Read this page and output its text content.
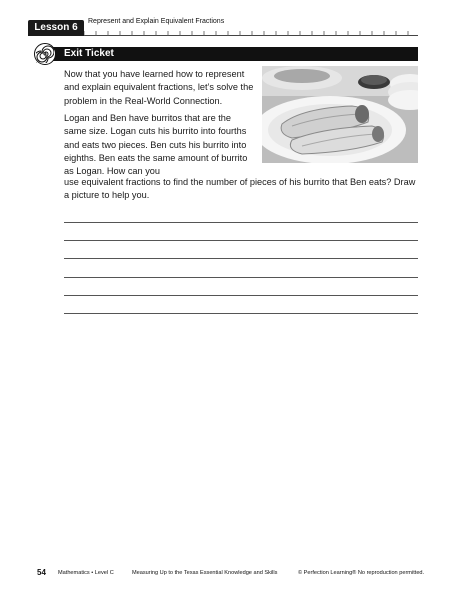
Lesson 6
Represent and Explain Equivalent Fractions
Exit Ticket

Now that you have learned how to represent and explain equivalent fractions, let’s solve the problem in the Real-World Connection.

Logan and Ben have burritos that are the same size. Logan cuts his burrito into fourths and eats two pieces. Ben cuts his burrito into eighths. Ben eats the same amount of burrito as Logan. How can you

use equivalent fractions to find the number of pieces of his burrito that Ben eats? Draw a picture to help you.

54 Mathematics • Level C	Measuring Up to the Texas Essential Knowledge and Skills	© Perfection Learning® No reproduction permitted.
